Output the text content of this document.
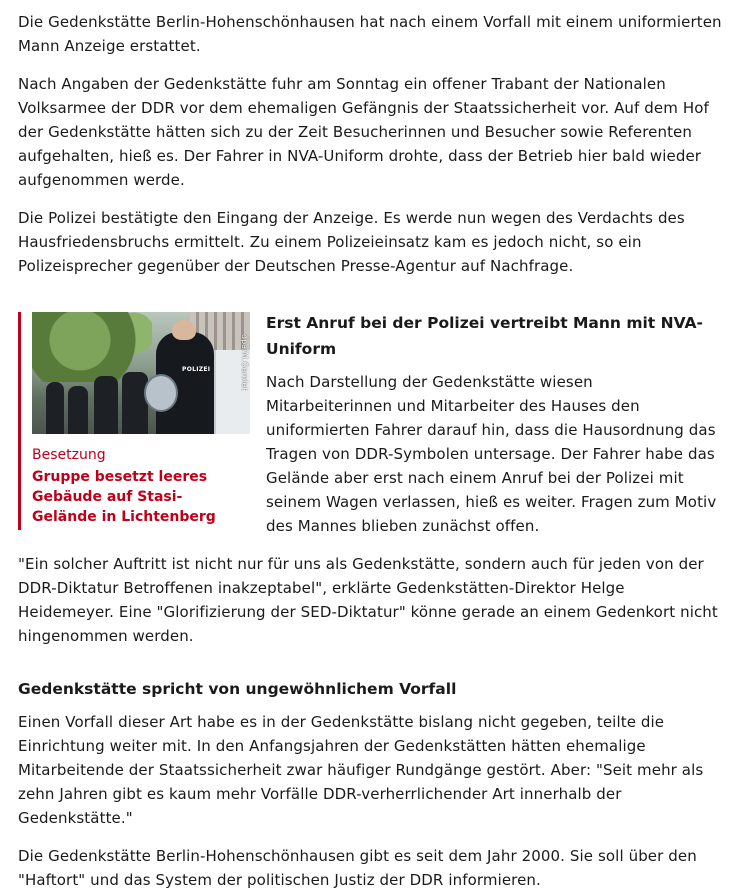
Die Gedenkstätte Berlin-Hohenschönhausen hat nach einem Vorfall mit einem uniformierten Mann Anzeige erstattet.

Nach Angaben der Gedenkstätte fuhr am Sonntag ein offener Trabant der Nationalen Volksarmee der DDR vor dem ehemaligen Gefängnis der Staatssicherheit vor. Auf dem Hof der Gedenkstätte hätten sich zu der Zeit Besucherinnen und Besucher sowie Referenten aufgehalten, hieß es. Der Fahrer in NVA-Uniform drohte, dass der Betrieb hier bald wieder aufgenommen werde.

Die Polizei bestätigte den Eingang der Anzeige. Es werde nun wegen des Verdachts des Hausfriedensbruchs ermittelt. Zu einem Polizeieinsatz kam es jedoch nicht, so ein Polizeisprecher gegenüber der Deutschen Presse-Agentur auf Nachfrage.

POLIZEI	dpa/M.Gerolet
Besetzung
Gruppe besetzt leeres Gebäude auf Stasi-Gelände in Lichtenberg
Erst Anruf bei der Polizei vertreibt Mann mit NVA-Uniform

Nach Darstellung der Gedenkstätte wiesen Mitarbeiterinnen und Mitarbeiter des Hauses den uniformierten Fahrer darauf hin, dass die Hausordnung das Tragen von DDR-Symbolen untersage. Der Fahrer habe das Gelände aber erst nach einem Anruf bei der Polizei mit seinem Wagen verlassen, hieß es weiter. Fragen zum Motiv des Mannes blieben zunächst offen.

"Ein solcher Auftritt ist nicht nur für uns als Gedenkstätte, sondern auch für jeden von der DDR-Diktatur Betroffenen inakzeptabel", erklärte Gedenkstätten-Direktor Helge Heidemeyer. Eine "Glorifizierung der SED-Diktatur" könne gerade an einem Gedenkort nicht hingenommen werden.

Gedenkstätte spricht von ungewöhnlichem Vorfall

Einen Vorfall dieser Art habe es in der Gedenkstätte bislang nicht gegeben, teilte die Einrichtung weiter mit. In den Anfangsjahren der Gedenkstätten hätten ehemalige Mitarbeitende der Staatssicherheit zwar häufiger Rundgänge gestört. Aber: "Seit mehr als zehn Jahren gibt es kaum mehr Vorfälle DDR-verherrlichender Art innerhalb der Gedenkstätte."

Die Gedenkstätte Berlin-Hohenschönhausen gibt es seit dem Jahr 2000. Sie soll über den "Haftort" und das System der politischen Justiz der DDR informieren.
